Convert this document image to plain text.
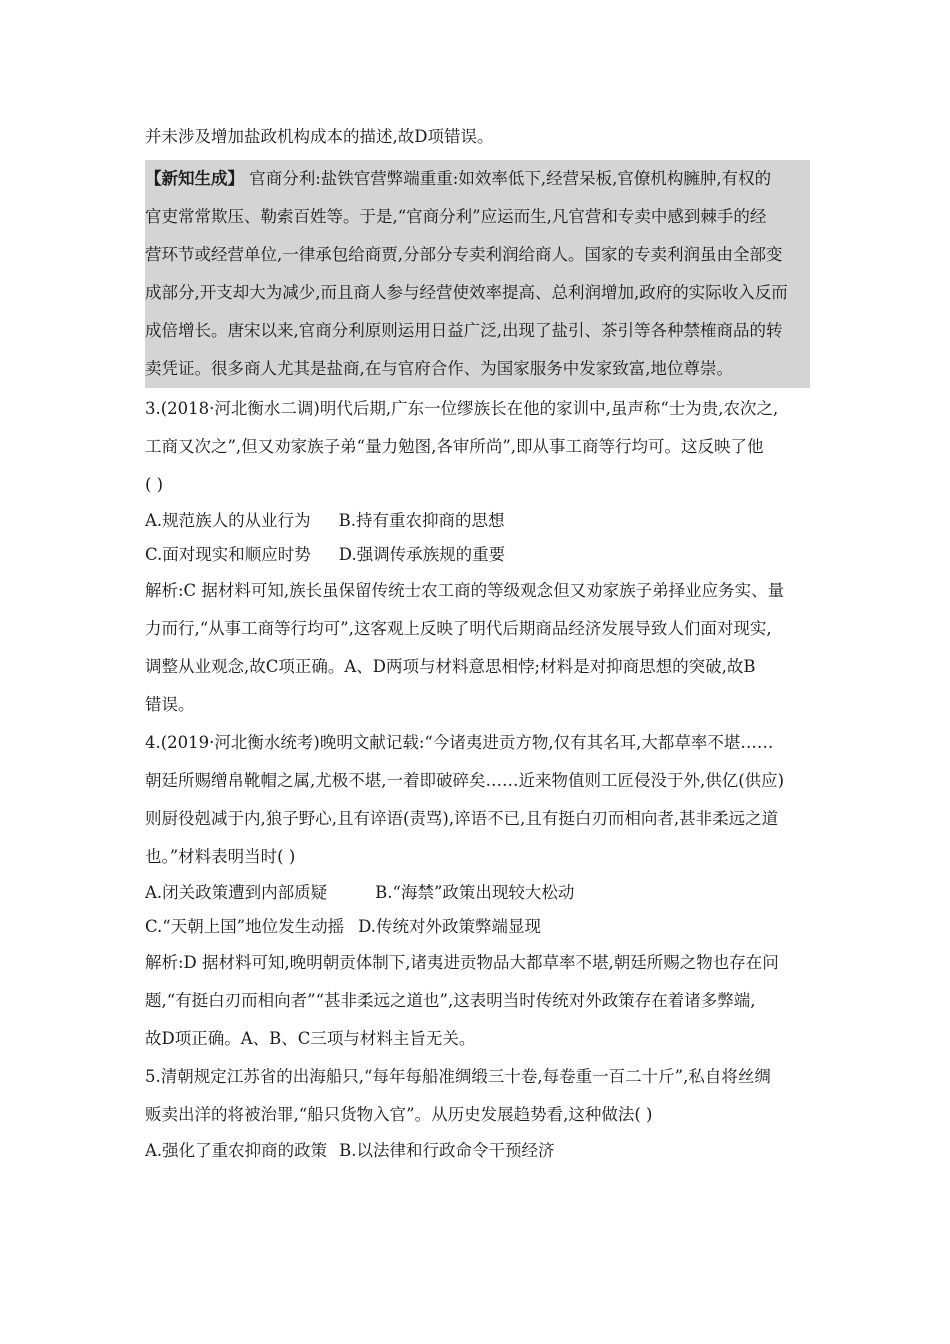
并未涉及增加盐政机构成本的描述,故D项错误。

【新知生成】 官商分利:盐铁官营弊端重重:如效率低下,经营呆板,官僚机构臃肿,有权的

官吏常常欺压、勒索百姓等。于是,“官商分利”应运而生,凡官营和专卖中感到棘手的经

营环节或经营单位,一律承包给商贾,分部分专卖利润给商人。国家的专卖利润虽由全部变

成部分,开支却大为减少,而且商人参与经营使效率提高、总利润增加,政府的实际收入反而

成倍增长。唐宋以来,官商分利原则运用日益广泛,出现了盐引、茶引等各种禁榷商品的转

卖凭证。很多商人尤其是盐商,在与官府合作、为国家服务中发家致富,地位尊崇。

3.(2018·河北衡水二调)明代后期,广东一位缪族长在他的家训中,虽声称“士为贵,农次之,

工商又次之”,但又劝家族子弟“量力勉图,各审所尚”,即从事工商等行均可。这反映了他

( )

A.规范族人的从业行为 B.持有重农抑商的思想

C.面对现实和顺应时势 D.强调传承族规的重要

解析:C 据材料可知,族长虽保留传统士农工商的等级观念但又劝家族子弟择业应务实、量

力而行,“从事工商等行均可”,这客观上反映了明代后期商品经济发展导致人们面对现实,

调整从业观念,故C项正确。A、D两项与材料意思相悖;材料是对抑商思想的突破,故B

错误。

4.(2019·河北衡水统考)晚明文献记载:“今诸夷进贡方物,仅有其名耳,大都草率不堪……

朝廷所赐缯帛靴帽之属,尤极不堪,一着即破碎矣……近来物值则工匠侵没于外,供亿(供应)

则厨役剋减于内,狼子野心,且有谇语(责骂),谇语不已,且有挺白刃而相向者,甚非柔远之道

也。”材料表明当时( )

A.闭关政策遭到内部质疑	B.“海禁”政策出现较大松动

C.“天朝上国”地位发生动摇 D.传统对外政策弊端显现

解析:D 据材料可知,晚明朝贡体制下,诸夷进贡物品大都草率不堪,朝廷所赐之物也存在问

题,“有挺白刃而相向者”“甚非柔远之道也”,这表明当时传统对外政策存在着诸多弊端,

故D项正确。A、B、C三项与材料主旨无关。

5.清朝规定江苏省的出海船只,“每年每船准绸缎三十卷,每卷重一百二十斤”,私自将丝绸

贩卖出洋的将被治罪,“船只货物入官”。从历史发展趋势看,这种做法( )

A.强化了重农抑商的政策 B.以法律和行政命令干预经济
